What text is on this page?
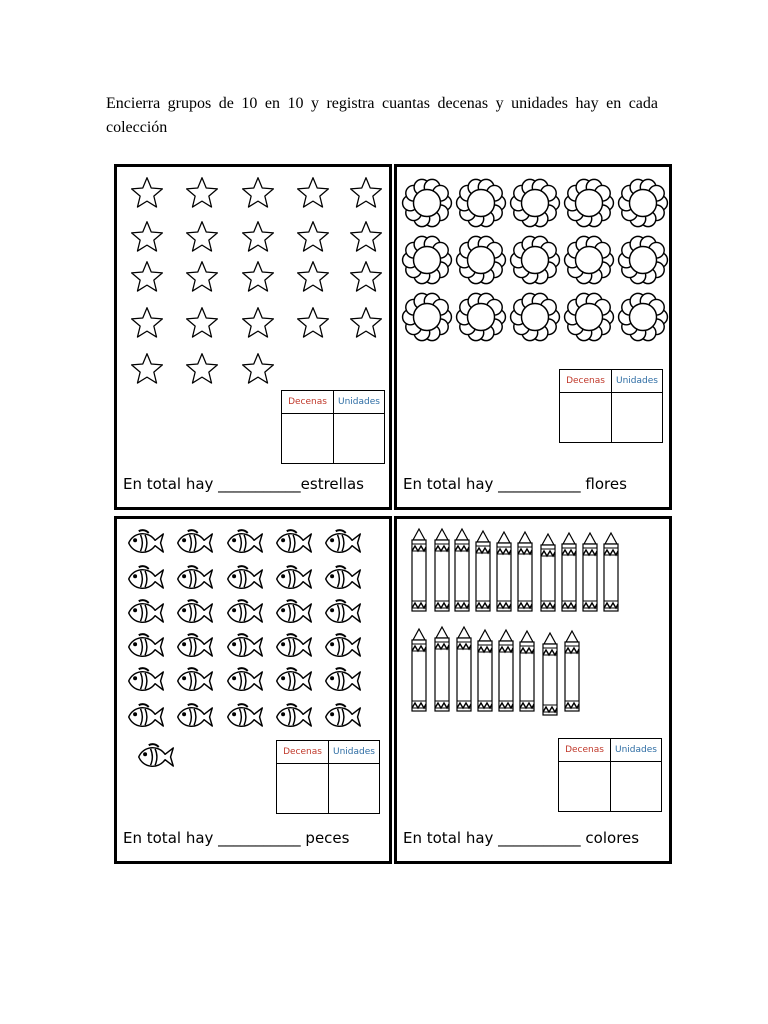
Encierra grupos de 10 en 10 y registra cuantas decenas y unidades hay en cada colección

Decenas	Unidades

En total hay ___________estrellas

Decenas	Unidades

En total hay ___________ flores

Decenas	Unidades

En total hay ___________ peces

Decenas	Unidades

En total hay ___________ colores
